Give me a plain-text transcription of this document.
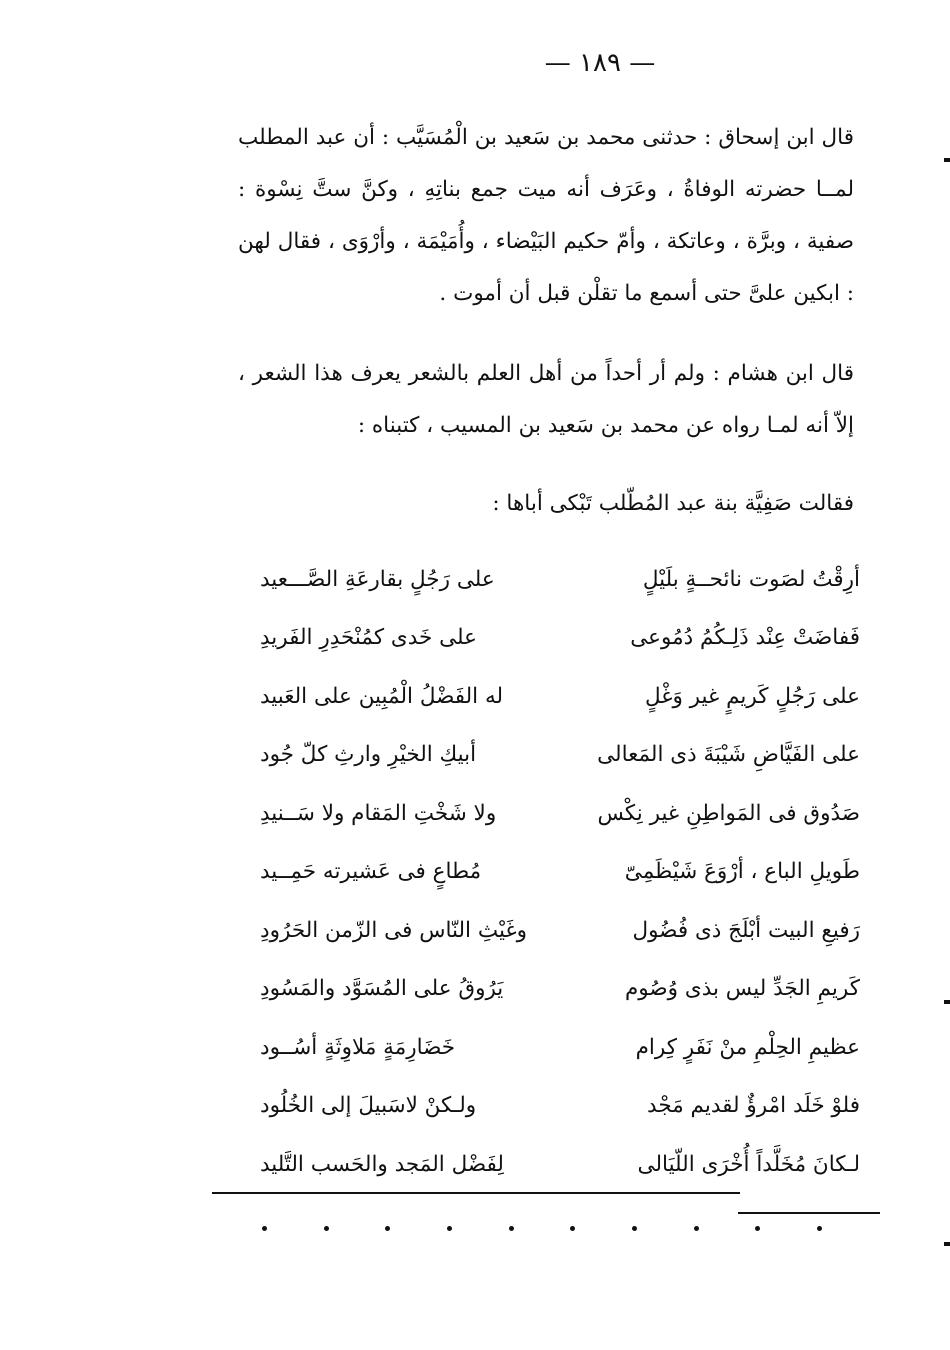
— ١٨٩ —

قال ابن إسحاق : حدثنى محمد بن سَعيد بن الْمُسَيَّب : أن عبد المطلب لمــا حضرته الوفاةُ ، وعَرَف أنه ميت جمع بناتِهِ ، وكنَّ ستَّ نِسْوة : صفية ، وبرَّة ، وعاتكة ، وأمّ حكيم البَيْضاء ، وأُمَيْمَة ، وأرْوَى ، فقال لهن : ابكين علىَّ حتى أسمع ما تقلْن قبل أن أموت .

قال ابن هشام : ولم أر أحداً من أهل العلم بالشعر يعرف هذا الشعر ، إلاّ أنه لمـا رواه عن محمد بن سَعيد بن المسيب ، كتبناه :

فقالت صَفِيَّة بنة عبد المُطّلب تَبْكى أباها :

أرِقْتُ لصَوت نائحــةٍ بلَيْلٍ
على رَجُلٍ بقارعَةِ الصَّـــعيد
فَفاضَتْ عِنْد ذَلِـكُمُ دُمُوعى
على خَدى كمُنْحَدِرِ الفَريدِ
على رَجُلٍ كَريمٍ غير وَغْلٍ
له الفَضْلُ الْمُبِين على العَبيد
على الفَيَّاضِ شَيْبَةَ ذى المَعالى
أبيكِ الخيْرِ وارثِ كلّ جُود
صَدُوق فى المَواطِنِ غير نِكْس
ولا شَخْتِ المَقام ولا سَــنيدِ
طَويلِ الباع ، أرْوَعَ شَيْظَمِىّ
مُطاعٍ فى عَشيرته حَمِــيد
رَفيعِ البيت أبْلَجَ ذى فُضُول
وغَيْثِ النّاس فى الزّمن الحَرُودِ
كَريمِ الجَدِّ ليس بذى وُصُوم
يَرُوقُ على المُسَوَّد والمَسُودِ
عظيمِ الحِلْمِ منْ نَفَرٍ كِرام
خَضَارِمَةٍ مَلاوِثَةٍ أسُــود
فلوْ خَلَد امْرؤٌ لقديم مَجْد
ولـكنْ لاسَبيلَ إلى الخُلُود
لـكانَ مُخَلَّداً أُخْرَى اللّيَالى
لِفَضْل المَجد والحَسب التَّليد
